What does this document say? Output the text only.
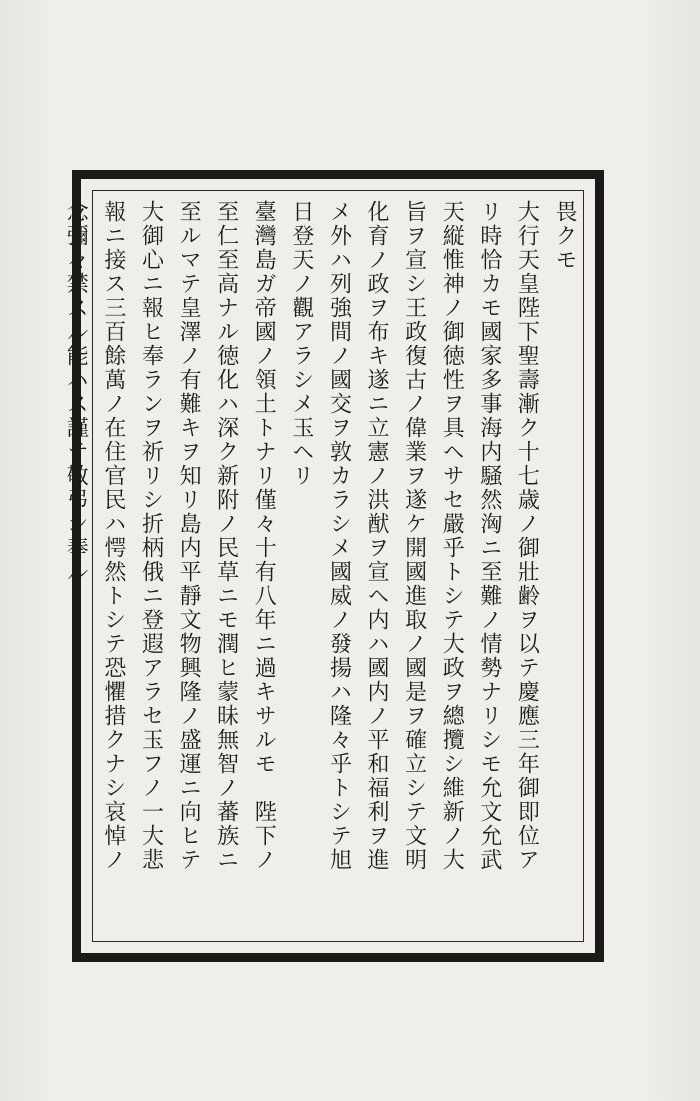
畏クモ
大行天皇陛下聖壽漸ク十七歳ノ御壯齢ヲ以テ慶應三年御即位ア
リ時恰カモ國家多事海内騒然洶ニ至難ノ情勢ナリシモ允文允武
天縦惟神ノ御徳性ヲ具ヘサセ嚴乎トシテ大政ヲ總攬シ維新ノ大
旨ヲ宣シ王政復古ノ偉業ヲ遂ケ開國進取ノ國是ヲ確立シテ文明
化育ノ政ヲ布キ遂ニ立憲ノ洪猷ヲ宣ヘ内ハ國内ノ平和福利ヲ進
メ外ハ列強間ノ國交ヲ敦カラシメ國威ノ發揚ハ隆々乎トシテ旭
日登天ノ觀アラシメ玉ヘリ
臺灣島ガ帝國ノ領土トナリ僅々十有八年ニ過キサルモ　陛下ノ
至仁至高ナル徳化ハ深ク新附ノ民草ニモ潤ヒ蒙昧無智ノ蕃族ニ
至ルマテ皇澤ノ有難キヲ知リ島内平靜文物興隆ノ盛運ニ向ヒテ
大御心ニ報ヒ奉ランヲ祈リシ折柄俄ニ登遐アラセ玉フノ一大悲
報ニ接ス三百餘萬ノ在住官民ハ愕然トシテ恐懼措クナシ哀悼ノ
念彌々禁スル能ハス謹テ敬弔シ奉ル
